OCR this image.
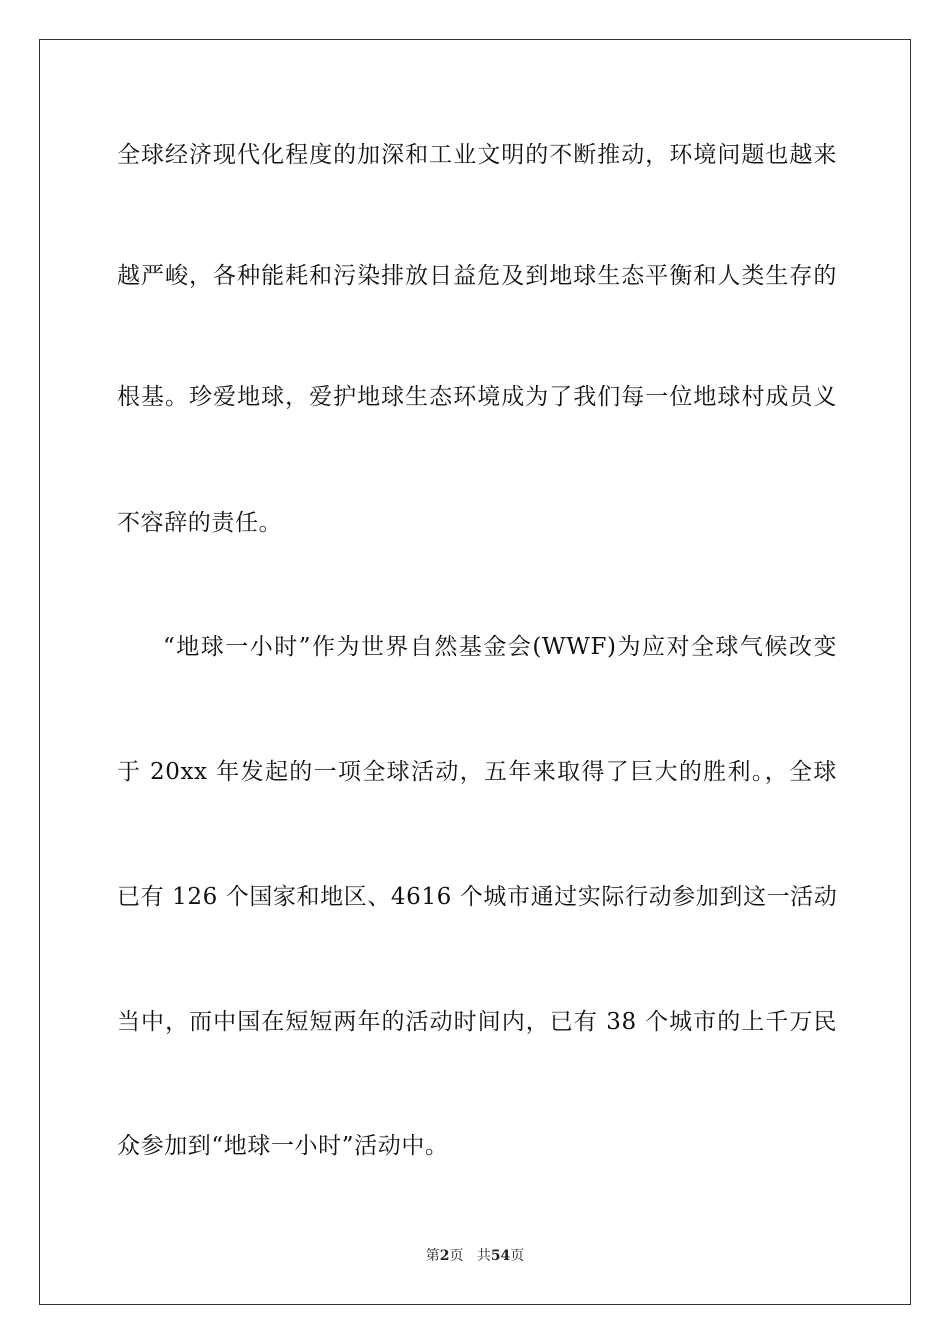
全球经济现代化程度的加深和工业文明的不断推动，环境问题也越来
越严峻，各种能耗和污染排放日益危及到地球生态平衡和人类生存的
根基。珍爱地球，爱护地球生态环境成为了我们每一位地球村成员义
不容辞的责任。
“地球一小时”作为世界自然基金会(WWF)为应对全球气候改变
于 20xx 年发起的一项全球活动，五年来取得了巨大的胜利。，全球
已有 126 个国家和地区、4616 个城市通过实际行动参加到这一活动
当中，而中国在短短两年的活动时间内，已有 38 个城市的上千万民
众参加到“地球一小时”活动中。
第2页 共54页
